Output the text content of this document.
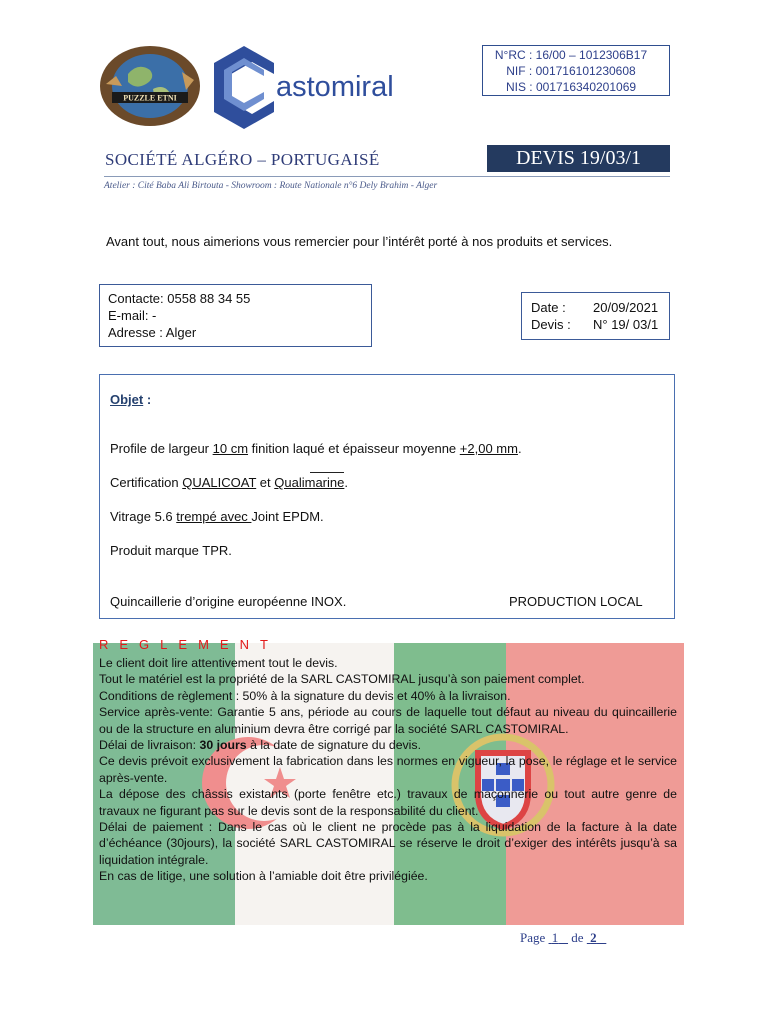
PUZZLE ETNI	astomiral
N°RC : 16/00 – 1012306B17
NIF : 001716101230608
NIS : 001716340201069
SOCIÉTÉ ALGÉRO – PORTUGAISÉ	DEVIS 19/03/1
Atelier : Cité Baba Ali Birtouta - Showroom : Route Nationale n°6 Dely Brahim - Alger
Avant tout, nous aimerions vous remercier pour l’intérêt porté à nos produits et services.
Contacte: 0558 88 34 55
E-mail: -
Adresse : Alger
Date :	20/09/2021
Devis :	N° 19/ 03/1
Objet :
Profile de largeur 10 cm finition laqué et épaisseur moyenne +2,00 mm.
Certification QUALICOAT et Qualimarine.
Vitrage 5.6 trempé avec Joint EPDM.
Produit marque TPR.
Quincaillerie d’origine européenne INOX.	PRODUCTION LOCAL
REGLEMENT

Le client doit lire attentivement tout le devis.

Tout le matériel est la propriété de la SARL CASTOMIRAL jusqu’à son paiement complet.

Conditions de règlement : 50% à la signature du devis et 40% à la livraison.

Service après-vente: Garantie 5 ans, période au cours de laquelle tout défaut au niveau du quincaillerie ou de la structure en aluminium devra être corrigé par la société SARL CASTOMIRAL.

Délai de livraison: 30 jours à la date de signature du devis.

Ce devis prévoit exclusivement la fabrication dans les normes en vigueur, la pose, le réglage et le service après-vente.

La dépose des châssis existants (porte fenêtre etc.) travaux de maçonnerie ou tout autre genre de travaux ne figurant pas sur le devis sont de la responsabilité du client.

Délai de paiement : Dans le cas où le client ne procède pas à la liquidation de la facture à la date d’échéance (30jours), la société SARL CASTOMIRAL se réserve le droit d’exiger des intérêts jusqu’à sa liquidation intégrale.

En cas de litige, une solution à l’amiable doit être privilégiée.

Page  1    de  2
